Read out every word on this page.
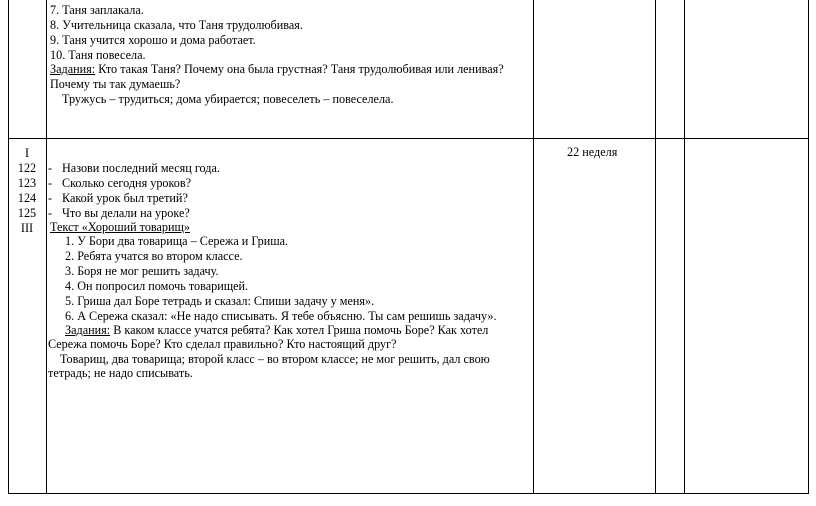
7. Таня заплакала.
8. Учительница сказала, что Таня трудолюбивая.
9. Таня учится хорошо и дома работает.
10. Таня повесела.
Задания: Кто такая Таня? Почему она была грустная? Таня трудолюбивая или ленивая?
Почему ты так думаешь?
Тружусь – трудиться; дома убирается; повеселеть – повеселела.
I
122
123
124
125
III
- Назови последний месяц года.
- Сколько сегодня уроков?
- Какой урок был третий?
- Что вы делали на уроке?
Текст «Хороший товарищ»
1. У Бори два товарища – Сережа и Гриша.
2. Ребята учатся во втором классе.
3. Боря не мог решить задачу.
4. Он попросил помочь товарищей.
5. Гриша дал Боре тетрадь и сказал: Спиши задачу у меня».
6. А Сережа сказал: «Не надо списывать. Я тебе объясню. Ты сам решишь задачу».
Задания: В каком классе учатся ребята? Как хотел Гриша помочь Боре? Как хотел
Сережа помочь Боре? Кто сделал правильно? Кто настоящий друг?
Товарищ, два товарища; второй класс – во втором классе; не мог решить, дал свою
тетрадь; не надо списывать.
22 неделя
